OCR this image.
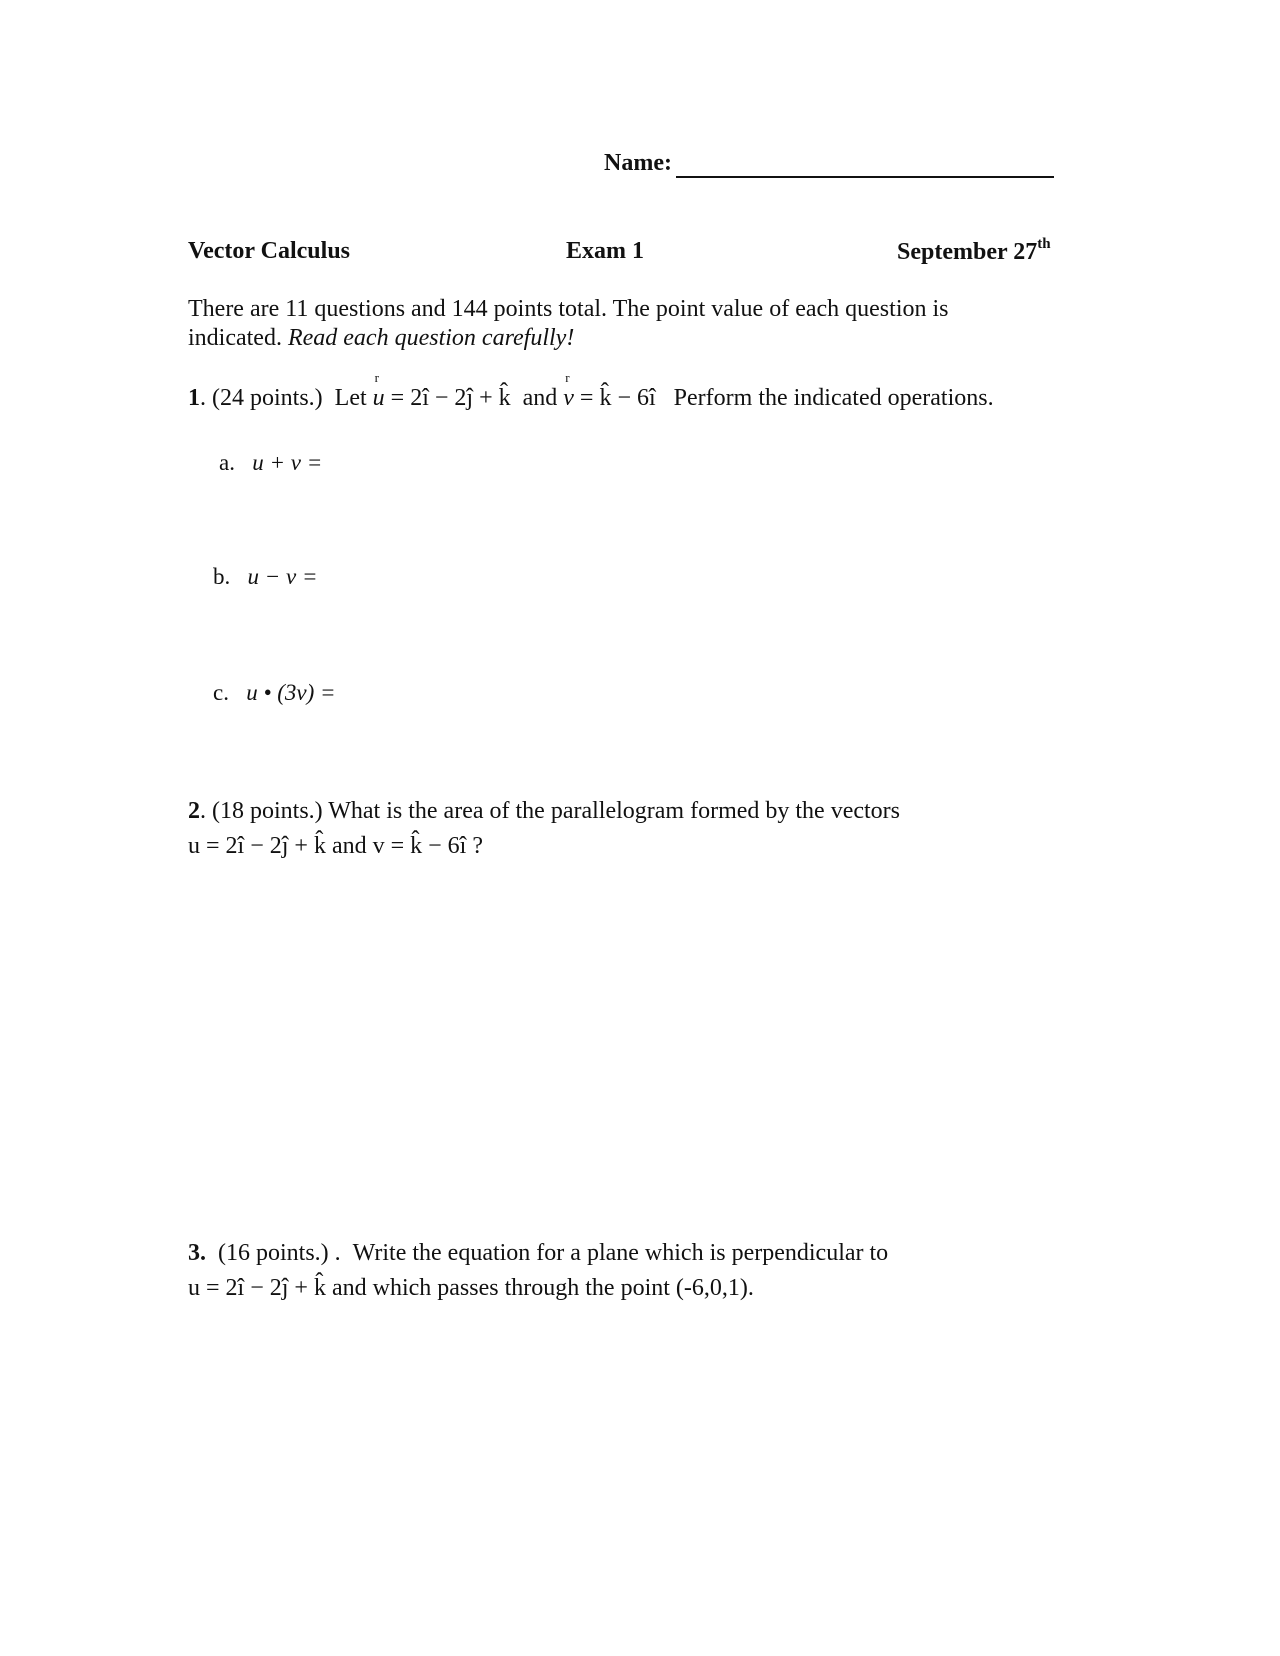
Name:
Vector Calculus	Exam 1	September 27th
There are 11 questions and 144 points total. The point value of each question is
indicated. Read each question carefully!
1. (24 points.) Let r u = 2î − 2ĵ + k̂ and r v = k̂ − 6î Perform the indicated operations.
a. u + v =
b. u − v =
c. u • (3v) =
2. (18 points.) What is the area of the parallelogram formed by the vectors
u = 2î − 2ĵ + k̂ and v = k̂ − 6î ?
3. (16 points.) . Write the equation for a plane which is perpendicular to
u = 2î − 2ĵ + k̂ and which passes through the point (-6,0,1).
